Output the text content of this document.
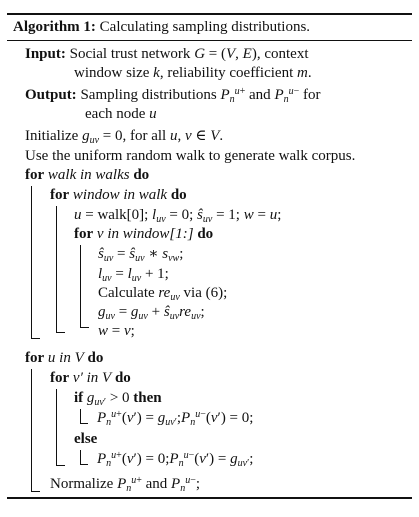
Algorithm 1: Calculating sampling distributions.
Input: Social trust network G = (V, E), context
window size k, reliability coefficient m.
Output: Sampling distributions $P_n^{u+}$ and $P_n^{u-}$ for
each node u
Initialize $g_{uv} = 0$, for all u, v ∈ V.
Use the uniform random walk to generate walk corpus.
for walk in walks do
for window in walk do
u = walk[0]; $l_{uv} = 0$; $ŝ_{uv} = 1$; w = u;
for v in window[1:] do
$ŝ_{uv}$ = $ŝ_{uv}$ ∗ $s_{vw}$;
$l_{uv} = l_{uv} + 1$;
Calculate $re_{uv}$ via (6);
$g_{uv} = g_{uv}$ + $ŝ_{uv}re_{uv}$;
w = v;
for u in V do
for v′ in V do
if $g_{uv'} > 0$ then
$P_n^{u+}(v')$ = $g_{uv'};P_n^{u-}(v') = 0$;
else
$P_n^{u+}(v')$ = $0;P_n^{u-}(v') = g_{uv'}$;
Normalize $P_n^{u+}$ and $P_n^{u-}$;
